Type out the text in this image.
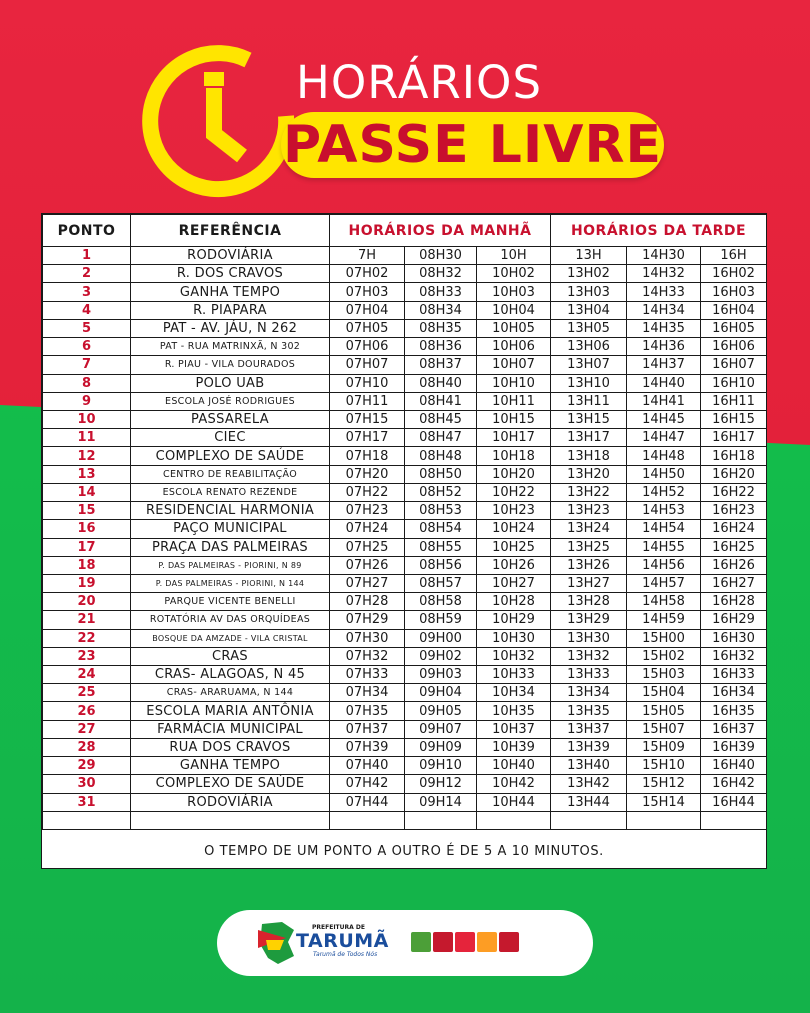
HORÁRIOS
PASSE LIVRE
PONTO	REFERÊNCIA	HORÁRIOS DA MANHÃ			HORÁRIOS DA TARDE		
1	RODOVIÁRIA	7H	08H30	10H	13H	14H30	16H
2	R. DOS CRAVOS	07H02	08H32	10H02	13H02	14H32	16H02
3	GANHA TEMPO	07H03	08H33	10H03	13H03	14H33	16H03
4	R. PIAPARA	07H04	08H34	10H04	13H04	14H34	16H04
5	PAT - AV. JÁU, N 262	07H05	08H35	10H05	13H05	14H35	16H05
6	PAT - RUA MATRINXÃ, N 302	07H06	08H36	10H06	13H06	14H36	16H06
7	R. PIAU - VILA DOURADOS	07H07	08H37	10H07	13H07	14H37	16H07
8	POLO UAB	07H10	08H40	10H10	13H10	14H40	16H10
9	ESCOLA JOSÉ RODRIGUES	07H11	08H41	10H11	13H11	14H41	16H11
10	PASSARELA	07H15	08H45	10H15	13H15	14H45	16H15
11	CIEC	07H17	08H47	10H17	13H17	14H47	16H17
12	COMPLEXO DE SAÚDE	07H18	08H48	10H18	13H18	14H48	16H18
13	CENTRO DE REABILITAÇÃO	07H20	08H50	10H20	13H20	14H50	16H20
14	ESCOLA RENATO REZENDE	07H22	08H52	10H22	13H22	14H52	16H22
15	RESIDENCIAL HARMONIA	07H23	08H53	10H23	13H23	14H53	16H23
16	PAÇO MUNICIPAL	07H24	08H54	10H24	13H24	14H54	16H24
17	PRAÇA DAS PALMEIRAS	07H25	08H55	10H25	13H25	14H55	16H25
18	P. DAS PALMEIRAS - PIORINI, N 89	07H26	08H56	10H26	13H26	14H56	16H26
19	P. DAS PALMEIRAS - PIORINI, N 144	07H27	08H57	10H27	13H27	14H57	16H27
20	PARQUE VICENTE BENELLI	07H28	08H58	10H28	13H28	14H58	16H28
21	ROTATÓRIA AV DAS ORQUÍDEAS	07H29	08H59	10H29	13H29	14H59	16H29
22	BOSQUE DA AMZADE - VILA CRISTAL	07H30	09H00	10H30	13H30	15H00	16H30
23	CRAS	07H32	09H02	10H32	13H32	15H02	16H32
24	CRAS- ALAGOAS, N 45	07H33	09H03	10H33	13H33	15H03	16H33
25	CRAS- ARARUAMA, N 144	07H34	09H04	10H34	13H34	15H04	16H34
26	ESCOLA MARIA ANTÔNIA	07H35	09H05	10H35	13H35	15H05	16H35
27	FARMÁCIA MUNICIPAL	07H37	09H07	10H37	13H37	15H07	16H37
28	RUA DOS CRAVOS	07H39	09H09	10H39	13H39	15H09	16H39
29	GANHA TEMPO	07H40	09H10	10H40	13H40	15H10	16H40
30	COMPLEXO DE SAÚDE	07H42	09H12	10H42	13H42	15H12	16H42
31	RODOVIÁRIA	07H44	09H14	10H44	13H44	15H14	16H44

O TEMPO DE UM PONTO A OUTRO É DE 5 A 10 MINUTOS.
PREFEITURA DE
TARUMÃ
Tarumã de Todos Nós
